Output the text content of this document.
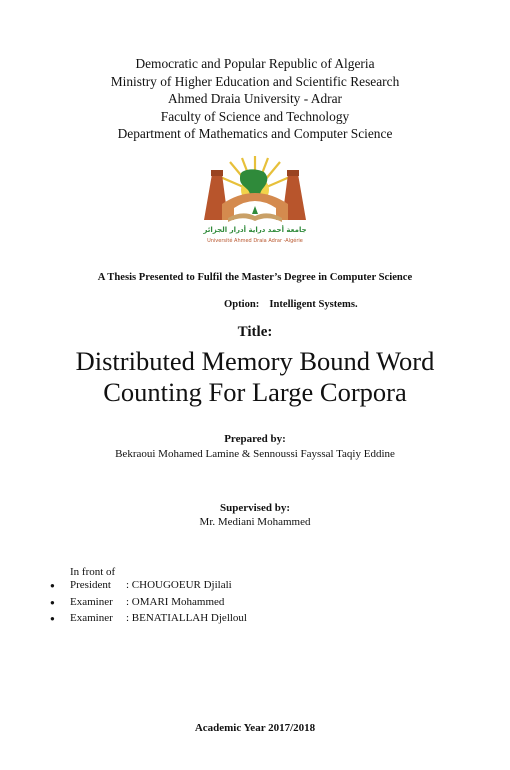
Democratic and Popular Republic of Algeria
Ministry of Higher Education and Scientific Research
Ahmed Draia University - Adrar
Faculty of Science and Technology
Department of Mathematics and Computer Science
جامعة أحمد دراية أدرار الجزائر
Université Ahmed Draia Adrar -Algérie
A Thesis Presented to Fulfil the Master’s Degree in Computer Science
Option: Intelligent Systems.
Title:
Distributed Memory Bound Word
Counting For Large Corpora
Prepared by:
Bekraoui Mohamed Lamine & Sennoussi Fayssal Taqiy Eddine
Supervised by:
Mr. Mediani Mohammed
In front of
●	President	: CHOUGOEUR Djilali
●	Examiner	: OMARI Mohammed
●	Examiner	: BENATIALLAH Djelloul
Academic Year 2017/2018
